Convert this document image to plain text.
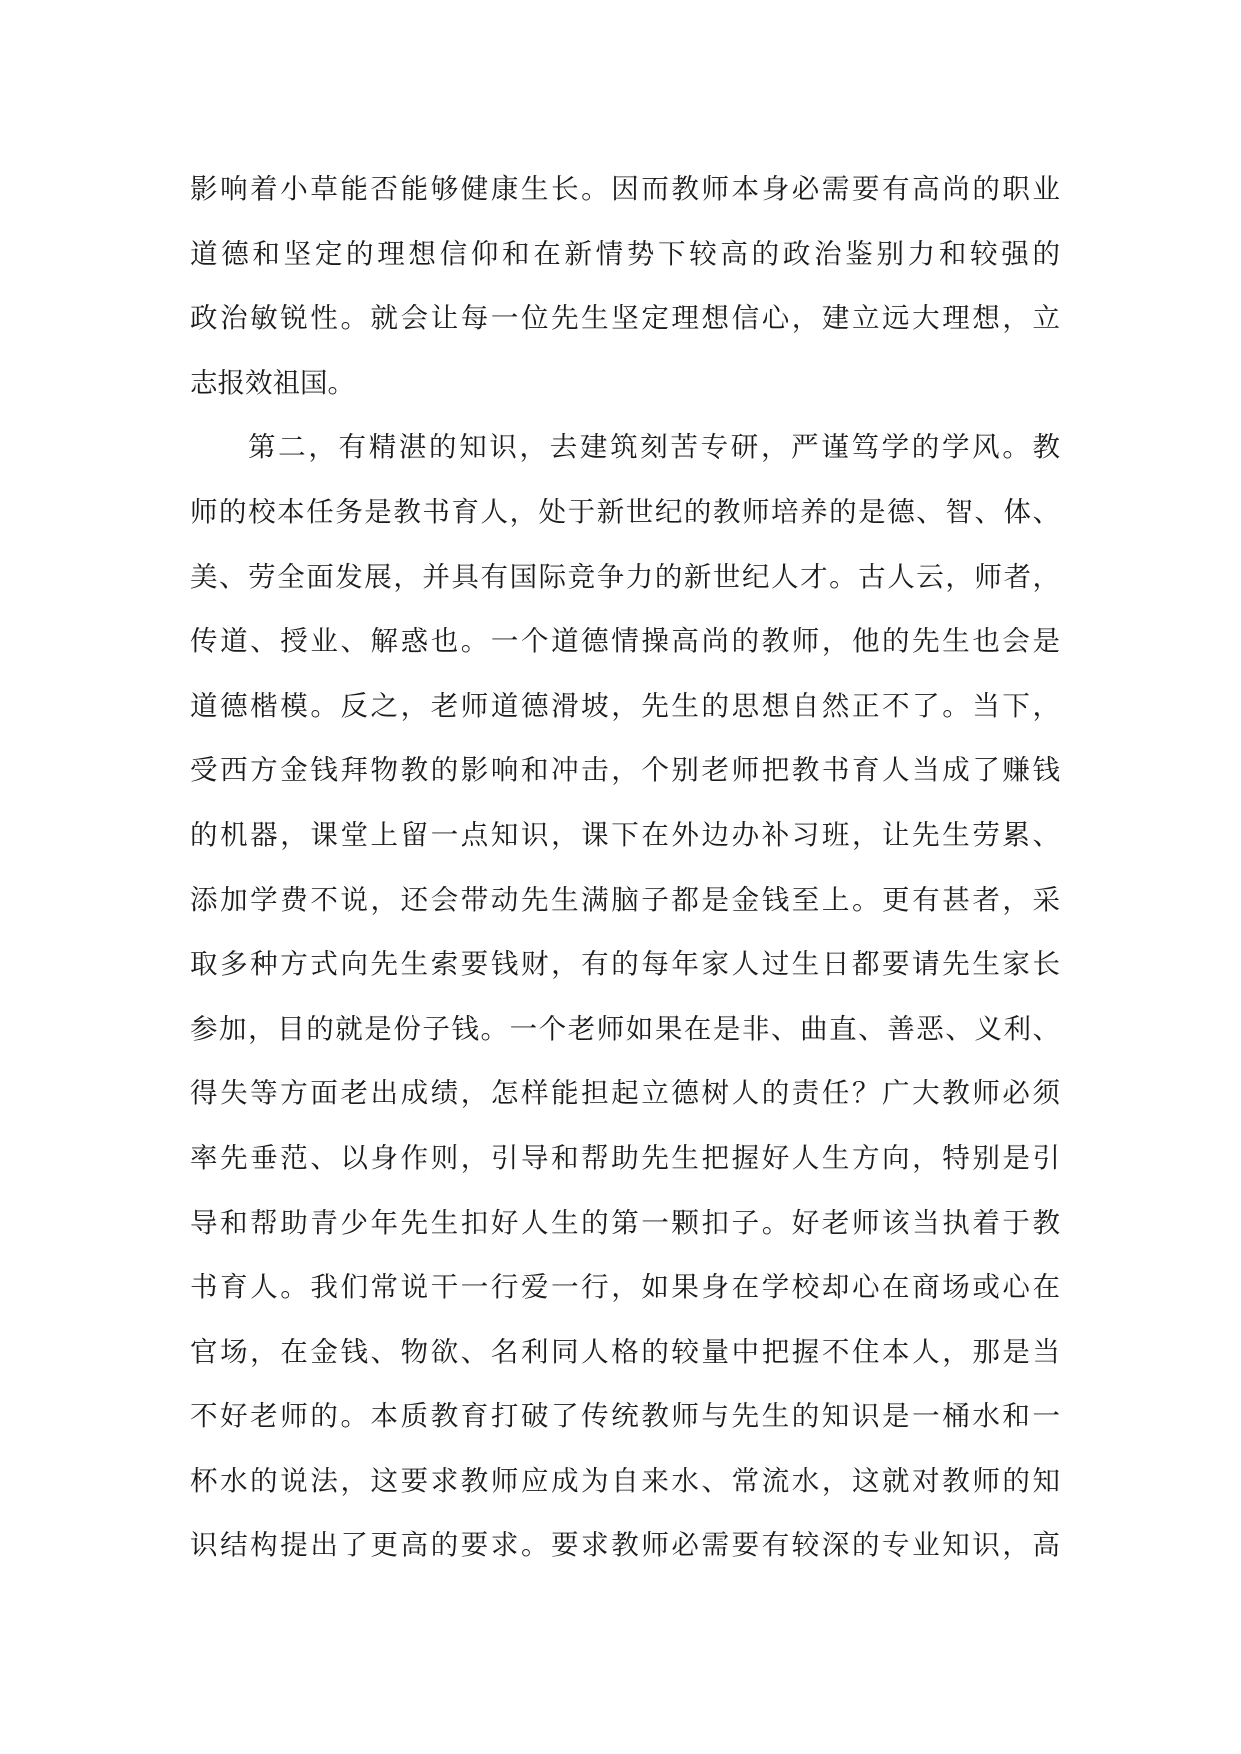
影响着小草能否能够健康生长。因而教师本身必需要有高尚的职业
道德和坚定的理想信仰和在新情势下较高的政治鉴别力和较强的
政治敏锐性。就会让每一位先生坚定理想信心，建立远大理想，立
志报效祖国。
第二，有精湛的知识，去建筑刻苦专研，严谨笃学的学风。教
师的校本任务是教书育人，处于新世纪的教师培养的是德、智、体、
美、劳全面发展，并具有国际竞争力的新世纪人才。古人云，师者，
传道、授业、解惑也。一个道德情操高尚的教师，他的先生也会是
道德楷模。反之，老师道德滑坡，先生的思想自然正不了。当下，
受西方金钱拜物教的影响和冲击，个别老师把教书育人当成了赚钱
的机器，课堂上留一点知识，课下在外边办补习班，让先生劳累、
添加学费不说，还会带动先生满脑子都是金钱至上。更有甚者，采
取多种方式向先生索要钱财，有的每年家人过生日都要请先生家长
参加，目的就是份子钱。一个老师如果在是非、曲直、善恶、义利、
得失等方面老出成绩，怎样能担起立德树人的责任？广大教师必须
率先垂范、以身作则，引导和帮助先生把握好人生方向，特别是引
导和帮助青少年先生扣好人生的第一颗扣子。好老师该当执着于教
书育人。我们常说干一行爱一行，如果身在学校却心在商场或心在
官场，在金钱、物欲、名利同人格的较量中把握不住本人，那是当
不好老师的。本质教育打破了传统教师与先生的知识是一桶水和一
杯水的说法，这要求教师应成为自来水、常流水，这就对教师的知
识结构提出了更高的要求。要求教师必需要有较深的专业知识，高
